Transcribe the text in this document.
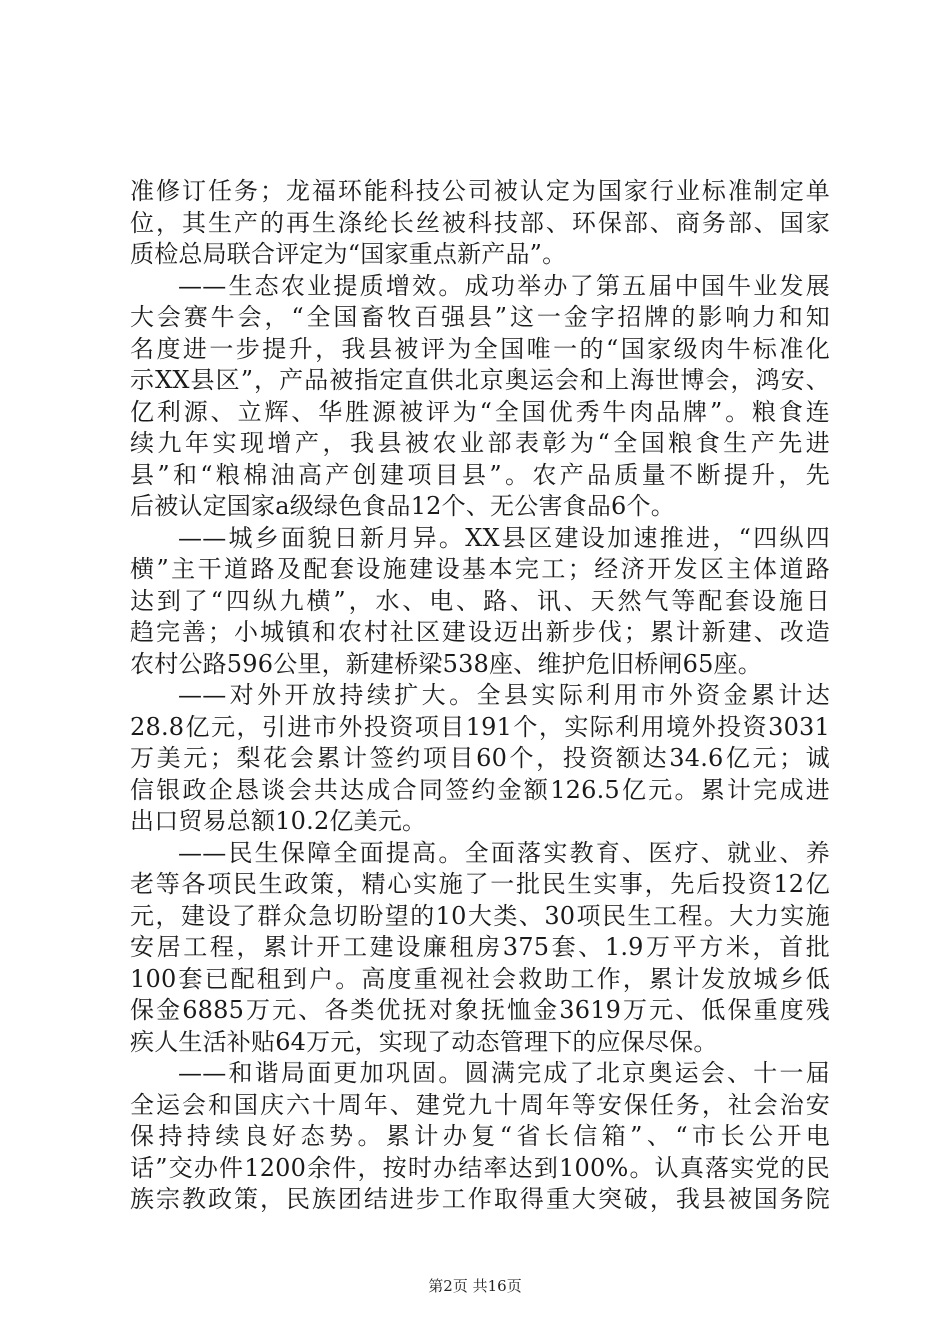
准修订任务；龙福环能科技公司被认定为国家行业标准制定单
位，其生产的再生涤纶长丝被科技部、环保部、商务部、国家
质检总局联合评定为“国家重点新产品”。
——生态农业提质增效。成功举办了第五届中国牛业发展
大会赛牛会，“全国畜牧百强县”这一金字招牌的影响力和知
名度进一步提升，我县被评为全国唯一的“国家级肉牛标准化
示XX县区”，产品被指定直供北京奥运会和上海世博会，鸿安、
亿利源、立辉、华胜源被评为“全国优秀牛肉品牌”。粮食连
续九年实现增产，我县被农业部表彰为“全国粮食生产先进
县”和“粮棉油高产创建项目县”。农产品质量不断提升，先
后被认定国家a级绿色食品12个、无公害食品6个。
——城乡面貌日新月异。XX县区建设加速推进，“四纵四
横”主干道路及配套设施建设基本完工；经济开发区主体道路
达到了“四纵九横”，水、电、路、讯、天然气等配套设施日
趋完善；小城镇和农村社区建设迈出新步伐；累计新建、改造
农村公路596公里，新建桥梁538座、维护危旧桥闸65座。
——对外开放持续扩大。全县实际利用市外资金累计达
28.8亿元，引进市外投资项目191个，实际利用境外投资3031
万美元；梨花会累计签约项目60个，投资额达34.6亿元；诚
信银政企恳谈会共达成合同签约金额126.5亿元。累计完成进
出口贸易总额10.2亿美元。
——民生保障全面提高。全面落实教育、医疗、就业、养
老等各项民生政策，精心实施了一批民生实事，先后投资12亿
元，建设了群众急切盼望的10大类、30项民生工程。大力实施
安居工程，累计开工建设廉租房375套、1.9万平方米，首批
100套已配租到户。高度重视社会救助工作，累计发放城乡低
保金6885万元、各类优抚对象抚恤金3619万元、低保重度残
疾人生活补贴64万元，实现了动态管理下的应保尽保。
——和谐局面更加巩固。圆满完成了北京奥运会、十一届
全运会和国庆六十周年、建党九十周年等安保任务，社会治安
保持持续良好态势。累计办复“省长信箱”、“市长公开电
话”交办件1200余件，按时办结率达到100%。认真落实党的民
族宗教政策，民族团结进步工作取得重大突破，我县被国务院
第2页 共16页
